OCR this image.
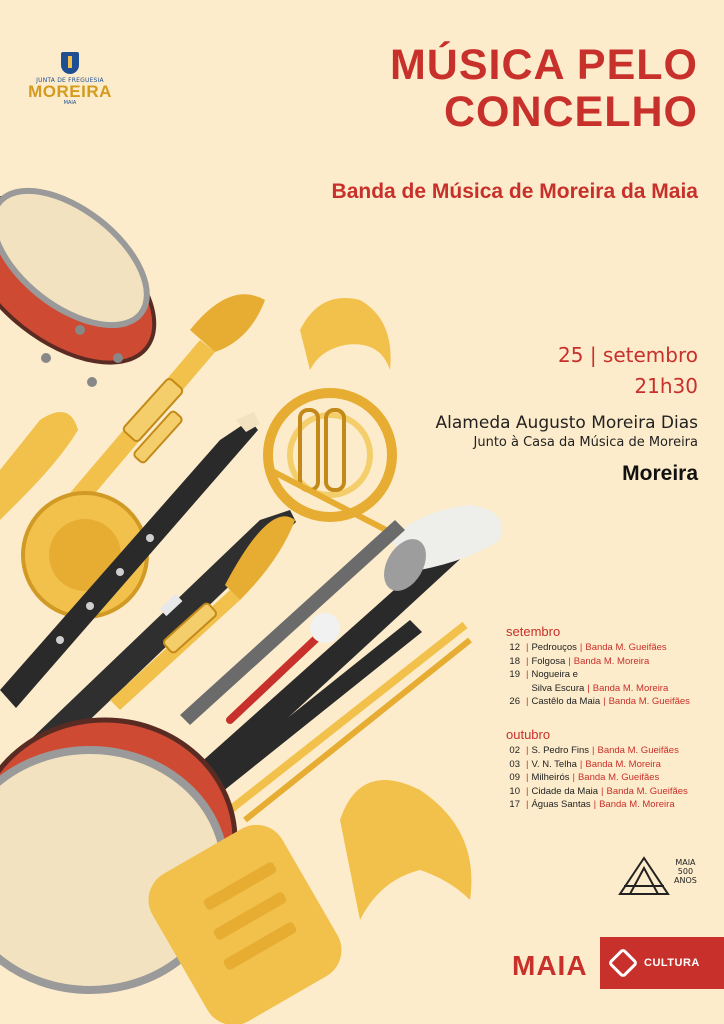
JUNTA DE FREGUESIA
MOREIRA
MAIA
MÚSICA PELO
CONCELHO
Banda de Música de Moreira da Maia
25 | setembro
21h30
Alameda Augusto Moreira Dias
Junto à Casa da Música de Moreira
Moreira
setembro
12 | Pedrouços | Banda M. Gueifães
18 | Folgosa | Banda M. Moreira
19 | Nogueira e
Silva Escura | Banda M. Moreira
26 | Castêlo da Maia | Banda M. Gueifães
outubro
02 | S. Pedro Fins | Banda M. Gueifães
03 | V. N. Telha | Banda M. Moreira
09 | Milheirós | Banda M. Gueifães
10 | Cidade da Maia | Banda M. Gueifães
17 | Águas Santas | Banda M. Moreira
MAIA
500
ANOS
MAIA	CULTURA
